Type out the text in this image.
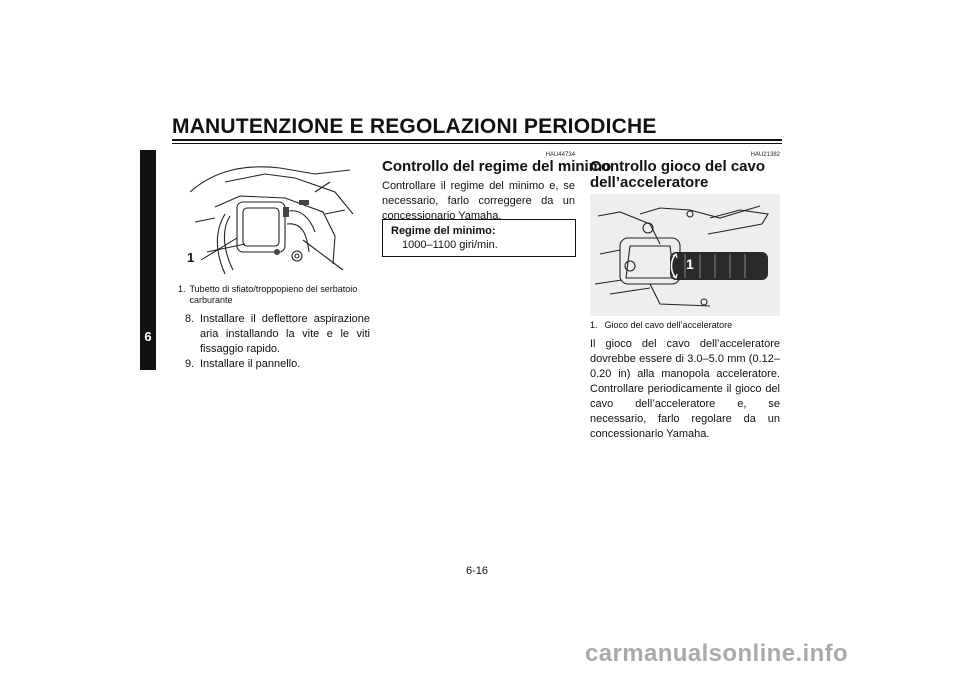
MANUTENZIONE E REGOLAZIONI PERIODICHE
6
1
1. Tubetto di sfiato/troppopieno del serbatoio carburante
8. Installare il deflettore aspirazione aria installando la vite e le viti fissaggio rapido.
9. Installare il pannello.
HAU44734
Controllo del regime del minimo
Controllare il regime del minimo e, se necessario, farlo correggere da un concessionario Yamaha.
Regime del minimo:
1000–1100 giri/min.
HAU21382
Controllo gioco del cavo dell’acceleratore
1
1. Gioco del cavo dell’acceleratore
Il gioco del cavo dell’acceleratore dovrebbe essere di 3.0–5.0 mm (0.12–0.20 in) alla manopola acceleratore. Controllare periodicamente il gioco del cavo dell’acceleratore e, se necessario, farlo regolare da un concessionario Yamaha.
6-16
carmanualsonline.info
